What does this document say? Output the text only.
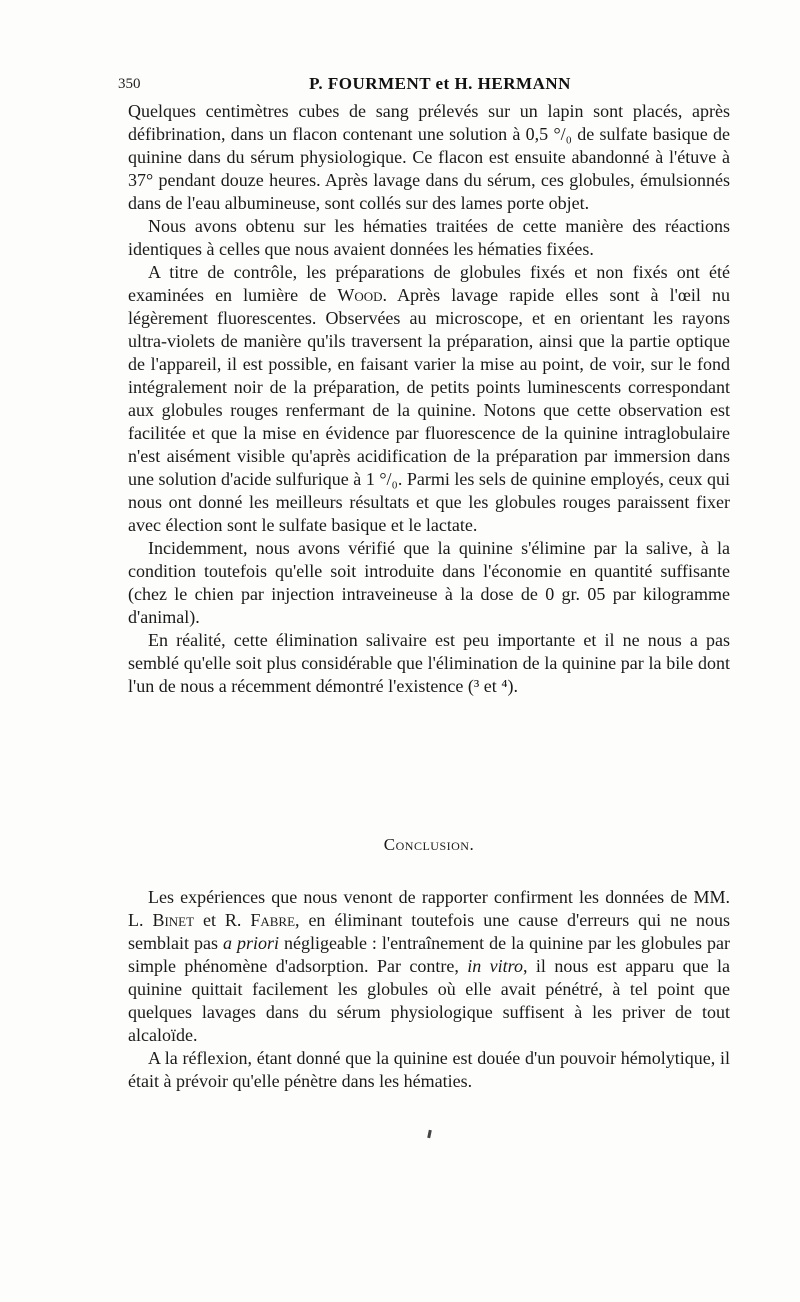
350	P. FOURMENT et H. HERMANN

Quelques centimètres cubes de sang prélevés sur un lapin sont placés, après défibrination, dans un flacon contenant une solution à 0,5 °/₀ de sulfate basique de quinine dans du sérum physiologique. Ce flacon est ensuite abandonné à l'étuve à 37° pendant douze heures. Après lavage dans du sérum, ces globules, émulsionnés dans de l'eau albumineuse, sont collés sur des lames porte objet.

Nous avons obtenu sur les hématies traitées de cette manière des réactions identiques à celles que nous avaient données les hématies fixées.

A titre de contrôle, les préparations de globules fixés et non fixés ont été examinées en lumière de Wood. Après lavage rapide elles sont à l'œil nu légèrement fluorescentes. Observées au microscope, et en orientant les rayons ultra-violets de manière qu'ils traversent la préparation, ainsi que la partie optique de l'appareil, il est possible, en faisant varier la mise au point, de voir, sur le fond intégralement noir de la préparation, de petits points luminescents correspondant aux globules rouges renfermant de la quinine. Notons que cette observation est facilitée et que la mise en évidence par fluorescence de la quinine intraglobulaire n'est aisément visible qu'après acidification de la préparation par immersion dans une solution d'acide sulfurique à 1 °/₀. Parmi les sels de quinine employés, ceux qui nous ont donné les meilleurs résultats et que les globules rouges paraissent fixer avec élection sont le sulfate basique et le lactate.

Incidemment, nous avons vérifié que la quinine s'élimine par la salive, à la condition toutefois qu'elle soit introduite dans l'économie en quantité suffisante (chez le chien par injection intraveineuse à la dose de 0 gr. 05 par kilogramme d'animal).

En réalité, cette élimination salivaire est peu importante et il ne nous a pas semblé qu'elle soit plus considérable que l'élimination de la quinine par la bile dont l'un de nous a récemment démontré l'existence (³ et ⁴).

Conclusion.

Les expériences que nous venont de rapporter confirment les données de MM. L. Binet et R. Fabre, en éliminant toutefois une cause d'erreurs qui ne nous semblait pas a priori négligeable : l'entraînement de la quinine par les globules par simple phénomène d'adsorption. Par contre, in vitro, il nous est apparu que la quinine quittait facilement les globules où elle avait pénétré, à tel point que quelques lavages dans du sérum physiologique suffisent à les priver de tout alcaloïde.

A la réflexion, étant donné que la quinine est douée d'un pouvoir hémolytique, il était à prévoir qu'elle pénètre dans les hématies.
